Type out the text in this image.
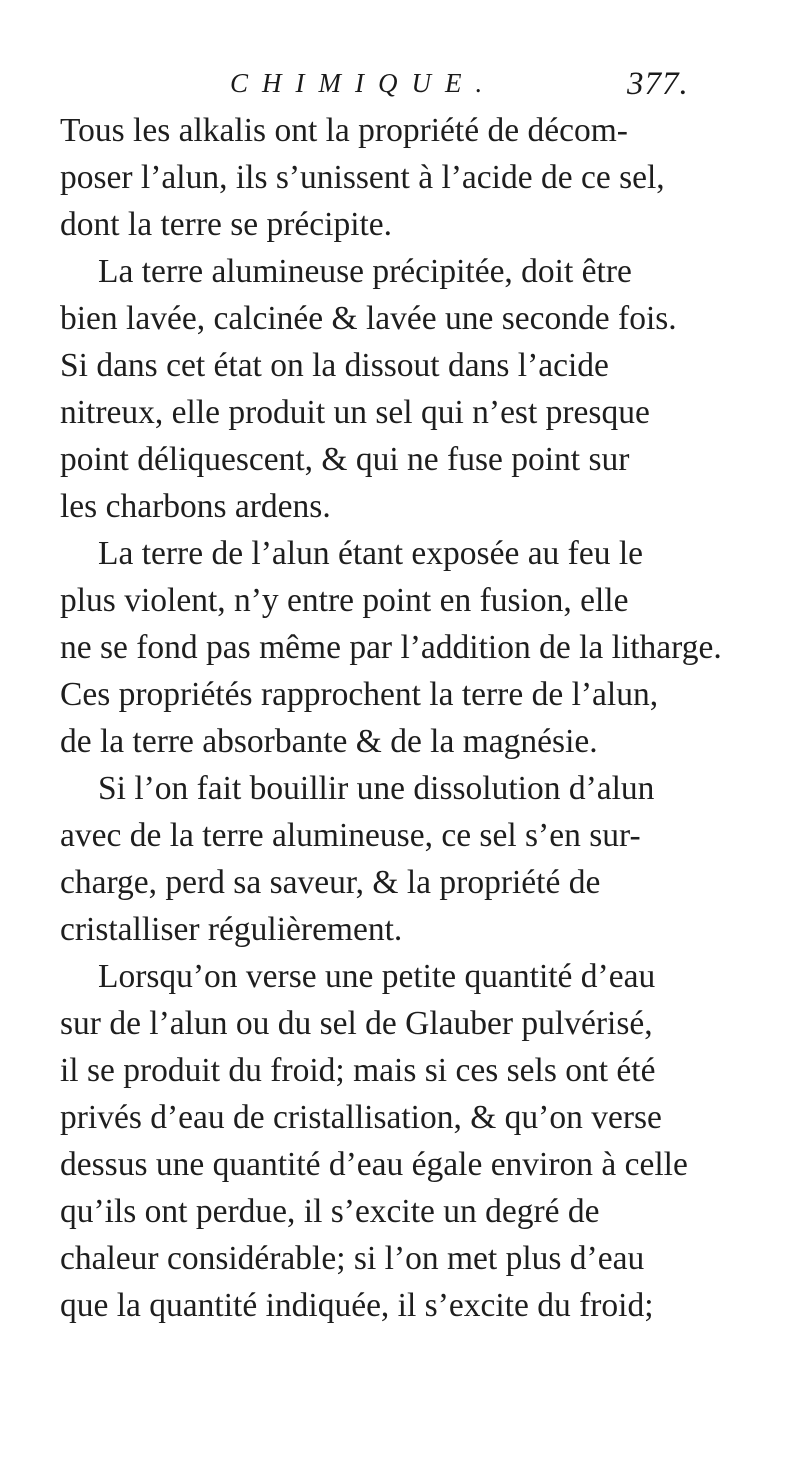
CHIMIQUE.	377.
Tous les alkalis ont la propriété de décom-
poser l’alun, ils s’unissent à l’acide de ce sel,
dont la terre se précipite.
La terre alumineuse précipitée, doit être
bien lavée, calcinée & lavée une seconde fois.
Si dans cet état on la dissout dans l’acide
nitreux, elle produit un sel qui n’est presque
point déliquescent, & qui ne fuse point sur
les charbons ardens.
La terre de l’alun étant exposée au feu le
plus violent, n’y entre point en fusion, elle
ne se fond pas même par l’addition de la litharge.
Ces propriétés rapprochent la terre de l’alun,
de la terre absorbante & de la magnésie.
Si l’on fait bouillir une dissolution d’alun
avec de la terre alumineuse, ce sel s’en sur-
charge, perd sa saveur, & la propriété de
cristalliser régulièrement.
Lorsqu’on verse une petite quantité d’eau
sur de l’alun ou du sel de Glauber pulvérisé,
il se produit du froid; mais si ces sels ont été
privés d’eau de cristallisation, & qu’on verse
dessus une quantité d’eau égale environ à celle
qu’ils ont perdue, il s’excite un degré de
chaleur considérable; si l’on met plus d’eau
que la quantité indiquée, il s’excite du froid;
